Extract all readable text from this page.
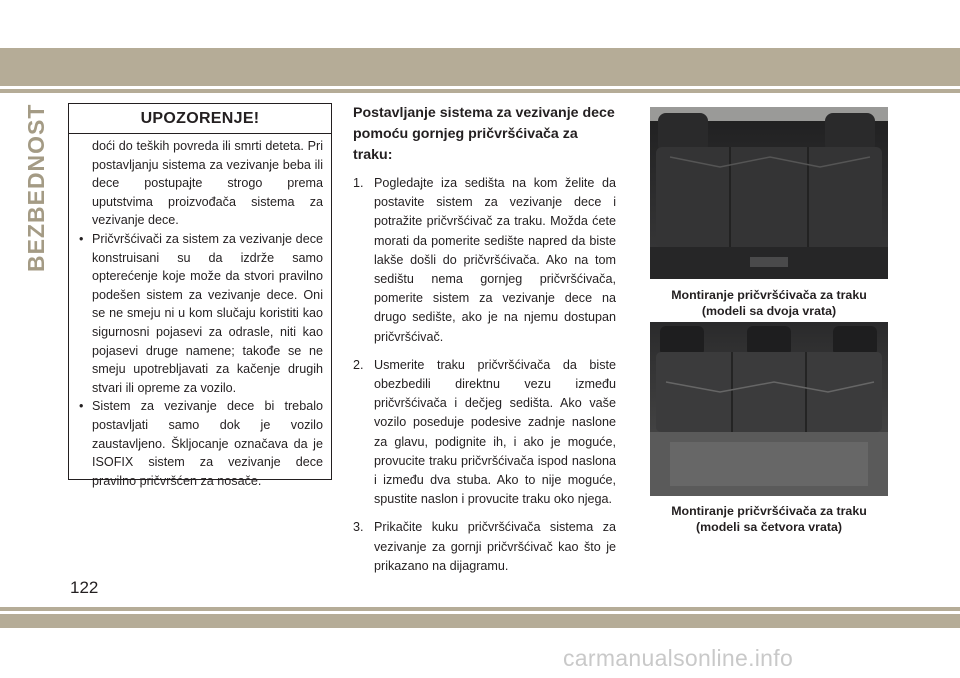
BEZBEDNOST	UPOZORENJE!
doći do teških povreda ili smrti deteta. Pri postavljanju sistema za vezivanje beba ili dece postupajte strogo prema uputstvima proizvođača sistema za vezivanje dece.
• Pričvršćivači za sistem za vezivanje dece konstruisani su da izdrže samo opterećenje koje može da stvori pravilno podešen sistem za vezivanje dece. Oni se ne smeju ni u kom slučaju koristiti kao sigurnosni pojasevi za odrasle, niti kao pojasevi druge namene; takođe se ne smeju upotrebljavati za kačenje drugih stvari ili opreme za vozilo.
• Sistem za vezivanje dece bi trebalo postavljati samo dok je vozilo zaustavljeno. Škljocanje označava da je ISOFIX sistem za vezivanje dece pravilno pričvršćen za nosače.
Postavljanje sistema za vezivanje dece pomoću gornjeg pričvršćivača za traku:
1. Pogledajte iza sedišta na kom želite da postavite sistem za vezivanje dece i potražite pričvršćivač za traku. Možda ćete morati da pomerite sedište napred da biste lakše došli do pričvršćivača. Ako na tom sedištu nema gornjeg pričvršćivača, pomerite sistem za vezivanje dece na drugo sedište, ako je na njemu dostupan pričvršćivač.
2. Usmerite traku pričvršćivača da biste obezbedili direktnu vezu između pričvršćivača i dečjeg sedišta. Ako vaše vozilo poseduje podesive zadnje naslone za glavu, podignite ih, i ako je moguće, provucite traku pričvršćivača ispod naslona i između dva stuba. Ako to nije moguće, spustite naslon i provucite traku oko njega.
3. Prikačite kuku pričvršćivača sistema za vezivanje za gornji pričvršćivač kao što je prikazano na dijagramu.
Montiranje pričvršćivača za traku (modeli sa dvoja vrata)
Montiranje pričvršćivača za traku (modeli sa četvora vrata)
122
carmanualsonline.info
